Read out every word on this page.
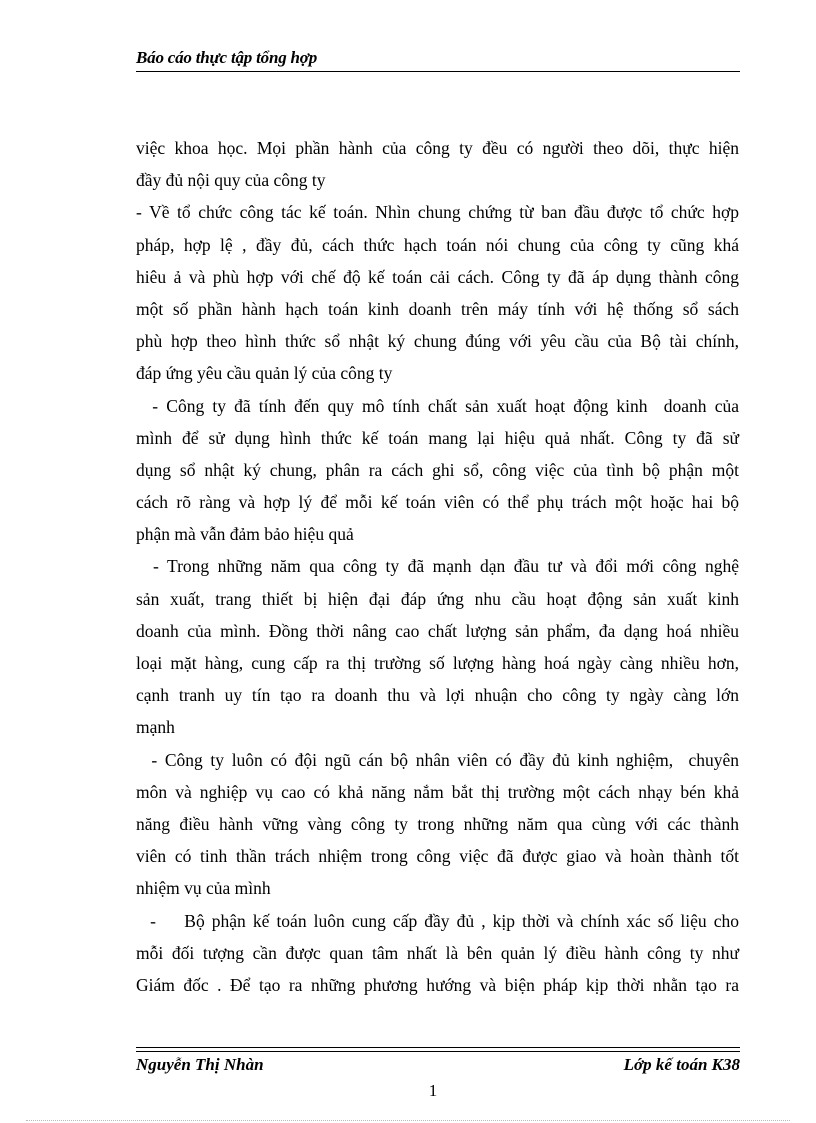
Báo cáo thực tập tổng hợp
việc khoa học. Mọi phần hành của công ty đều có người theo dõi, thực hiện
đầy đủ nội quy của công ty
- Về tổ chức công tác kế toán. Nhìn chung chứng từ ban đầu được tổ chức hợp
pháp, hợp lệ , đầy đủ, cách thức hạch toán nói chung của công ty cũng khá
hiêu ả và phù hợp với chế độ kế toán cải cách. Công ty đã áp dụng thành công
một số phần hành hạch toán kinh doanh trên máy tính với hệ thống sổ sách
phù hợp theo hình thức sổ nhật ký chung đúng với yêu cầu của Bộ tài chính,
đáp ứng yêu cầu quản lý của công ty
- Công ty đã tính đến quy mô tính chất sản xuất hoạt động kinh  doanh của
mình để sử dụng hình thức kế toán mang lại hiệu quả nhất. Công ty đã sử
dụng sổ nhật ký chung, phân ra cách ghi sổ, công việc của tình bộ phận một
cách rõ ràng và hợp lý để mỗi kế toán viên có thể phụ trách một hoặc hai bộ
phận mà vẫn đảm bảo hiệu quả
- Trong những năm qua công ty đã mạnh dạn đầu tư và đổi mới công nghệ
sản xuất, trang thiết bị hiện đại đáp ứng nhu cầu hoạt động sản xuất kinh
doanh của mình. Đồng thời nâng cao chất lượng sản phẩm, đa dạng hoá nhiều
loại mặt hàng, cung cấp ra thị trường số lượng hàng hoá ngày càng nhiều hơn,
cạnh tranh uy tín tạo ra doanh thu và lợi nhuận cho công ty ngày càng lớn
mạnh
- Công ty luôn có đội ngũ cán bộ nhân viên có đầy đủ kinh nghiệm,  chuyên
môn và nghiệp vụ cao có khả năng nắm bắt thị trường một cách nhạy bén khả
năng điều hành vững vàng công ty trong những năm qua cùng với các thành
viên có tinh thần trách nhiệm trong công việc đã được giao và hoàn thành tốt
nhiệm vụ của mình
-    Bộ phận kế toán luôn cung cấp đầy đủ , kịp thời và chính xác số liệu cho
mỗi đối tượng cần được quan tâm nhất là bên quản lý điều hành công ty như
Giám đốc . Để tạo ra những phương hướng và biện pháp kịp thời nhằn tạo ra
Nguyễn Thị Nhàn	Lớp kế toán K38
1
